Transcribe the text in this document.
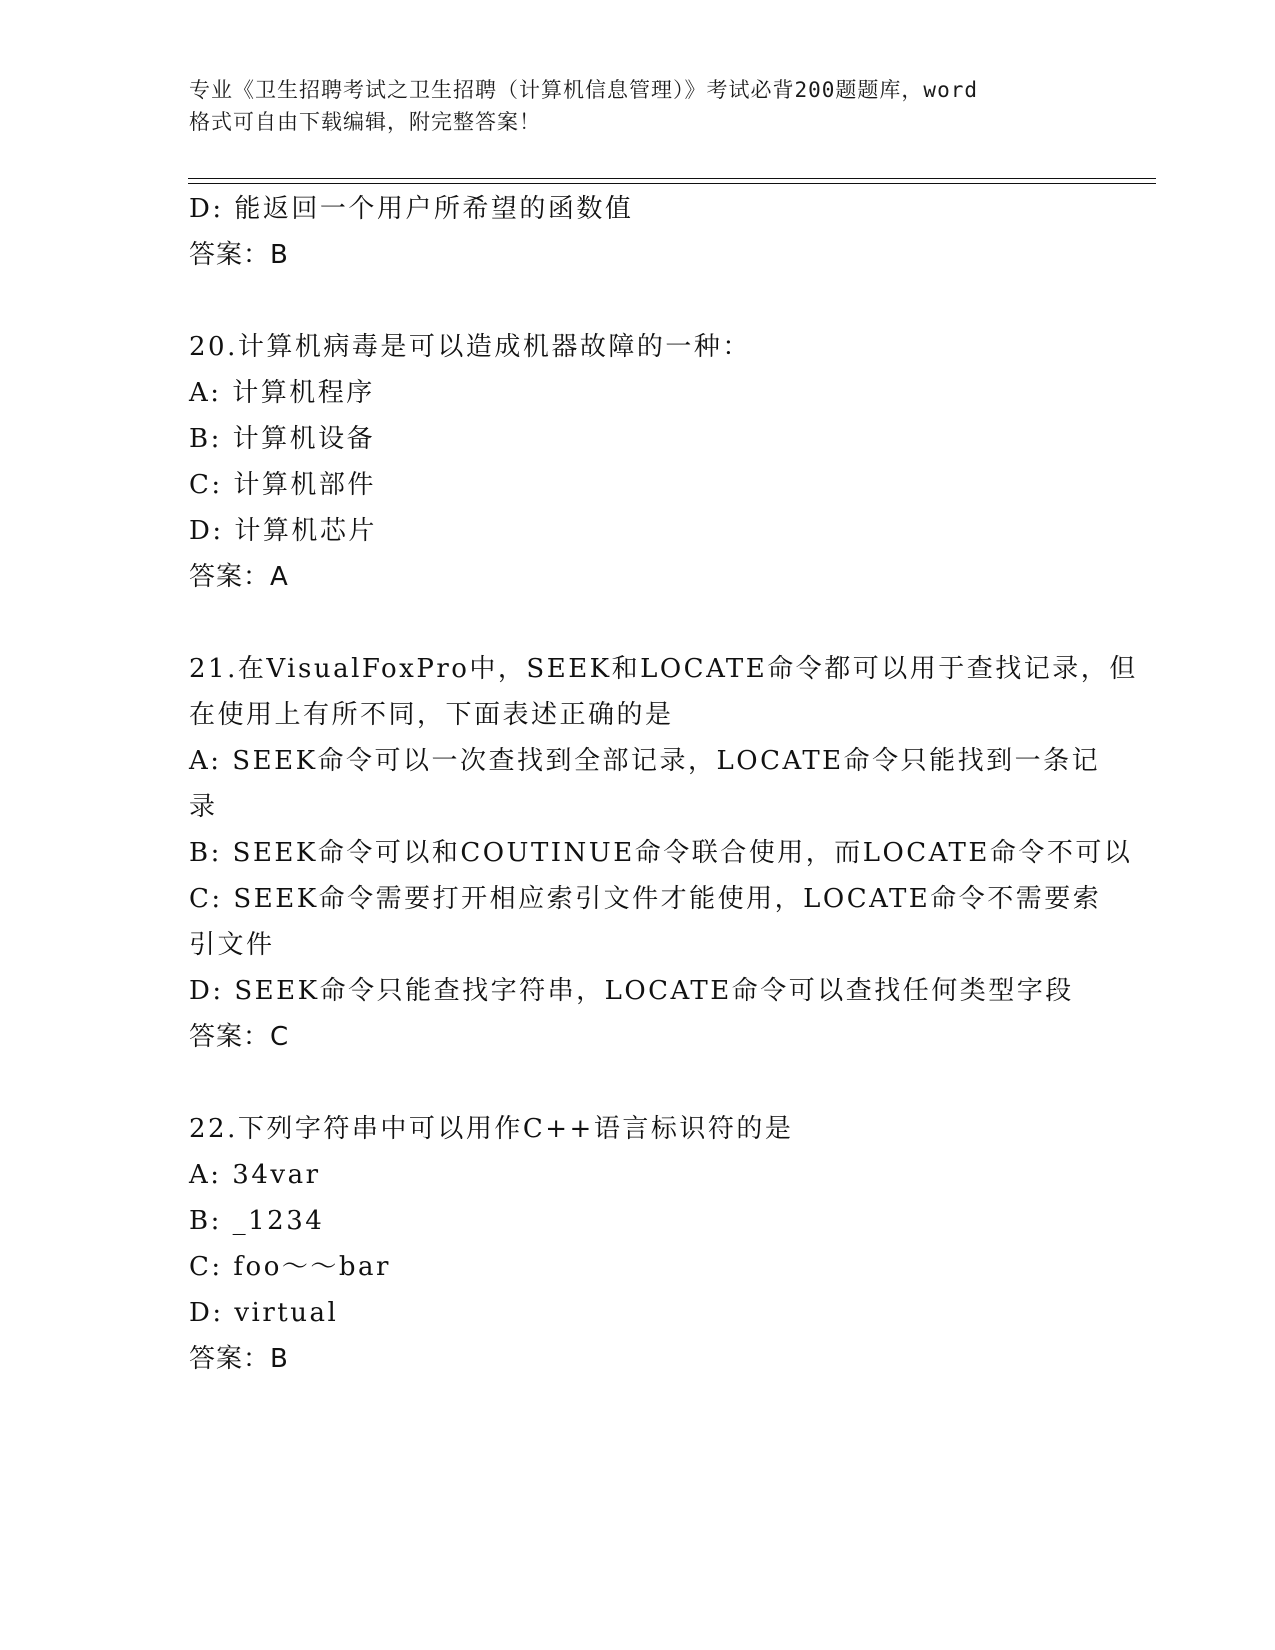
专业《卫生招聘考试之卫生招聘（计算机信息管理）》考试必背200题题库，word
格式可自由下载编辑，附完整答案！
D: 能返回一个用户所希望的函数值
答案：B
20.计算机病毒是可以造成机器故障的一种：
A: 计算机程序
B: 计算机设备
C: 计算机部件
D: 计算机芯片
答案：A
21.在VisualFoxPro中，SEEK和LOCATE命令都可以用于查找记录，但
在使用上有所不同，下面表述正确的是
A: SEEK命令可以一次查找到全部记录，LOCATE命令只能找到一条记
录
B: SEEK命令可以和COUTINUE命令联合使用，而LOCATE命令不可以
C: SEEK命令需要打开相应索引文件才能使用，LOCATE命令不需要索
引文件
D: SEEK命令只能查找字符串，LOCATE命令可以查找任何类型字段
答案：C
22.下列字符串中可以用作C++语言标识符的是
A: 34var
B: _1234
C: foo～～bar
D: virtual
答案：B
